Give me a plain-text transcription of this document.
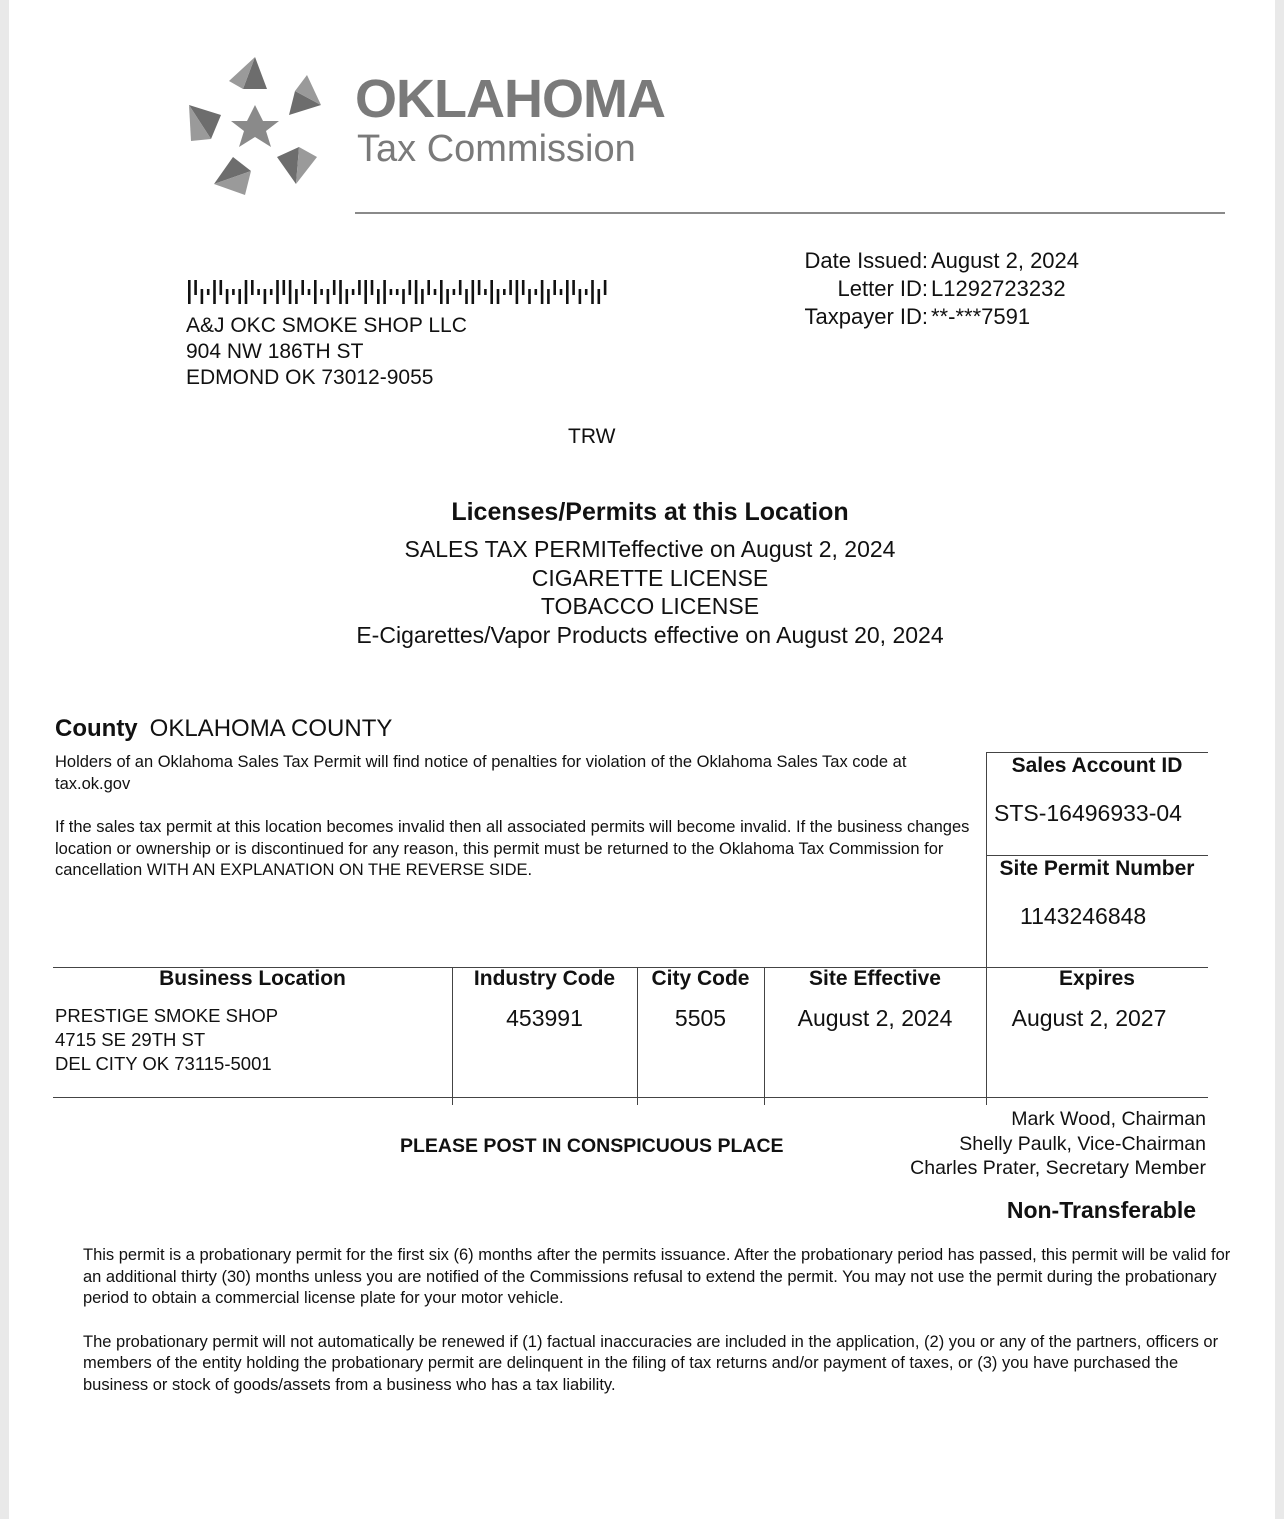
OKLAHOMA
Tax Commission
Date Issued: August 2, 2024
Letter ID: L1292723232
Taxpayer ID: **-***7591
A&J OKC SMOKE SHOP LLC
904 NW 186TH ST
EDMOND OK 73012-9055
TRW
Licenses/Permits at this Location
SALES TAX PERMITeffective on August 2, 2024
CIGARETTE LICENSE
TOBACCO LICENSE
E-Cigarettes/Vapor Products effective on August 20, 2024
County OKLAHOMA COUNTY

Holders of an Oklahoma Sales Tax Permit will find notice of penalties for violation of the Oklahoma Sales Tax code at tax.ok.gov

If the sales tax permit at this location becomes invalid then all associated permits will become invalid. If the business changes location or ownership or is discontinued for any reason, this permit must be returned to the Oklahoma Tax Commission for cancellation WITH AN EXPLANATION ON THE REVERSE SIDE.

Sales Account ID
STS-16496933-04
Site Permit Number
1143246848
Business Location	Industry Code	City Code	Site Effective	Expires
PRESTIGE SMOKE SHOP
4715 SE 29TH ST
DEL CITY OK 73115-5001
453991	5505	August 2, 2024	August 2, 2027
PLEASE POST IN CONSPICUOUS PLACE
Mark Wood, Chairman
Shelly Paulk, Vice-Chairman
Charles Prater, Secretary Member
Non-Transferable

This permit is a probationary permit for the first six (6) months after the permits issuance. After the probationary period has passed, this permit will be valid for an additional thirty (30) months unless you are notified of the Commissions refusal to extend the permit. You may not use the permit during the probationary period to obtain a commercial license plate for your motor vehicle.

The probationary permit will not automatically be renewed if (1) factual inaccuracies are included in the application, (2) you or any of the partners, officers or members of the entity holding the probationary permit are delinquent in the filing of tax returns and/or payment of taxes, or (3) you have purchased the business or stock of goods/assets from a business who has a tax liability.
